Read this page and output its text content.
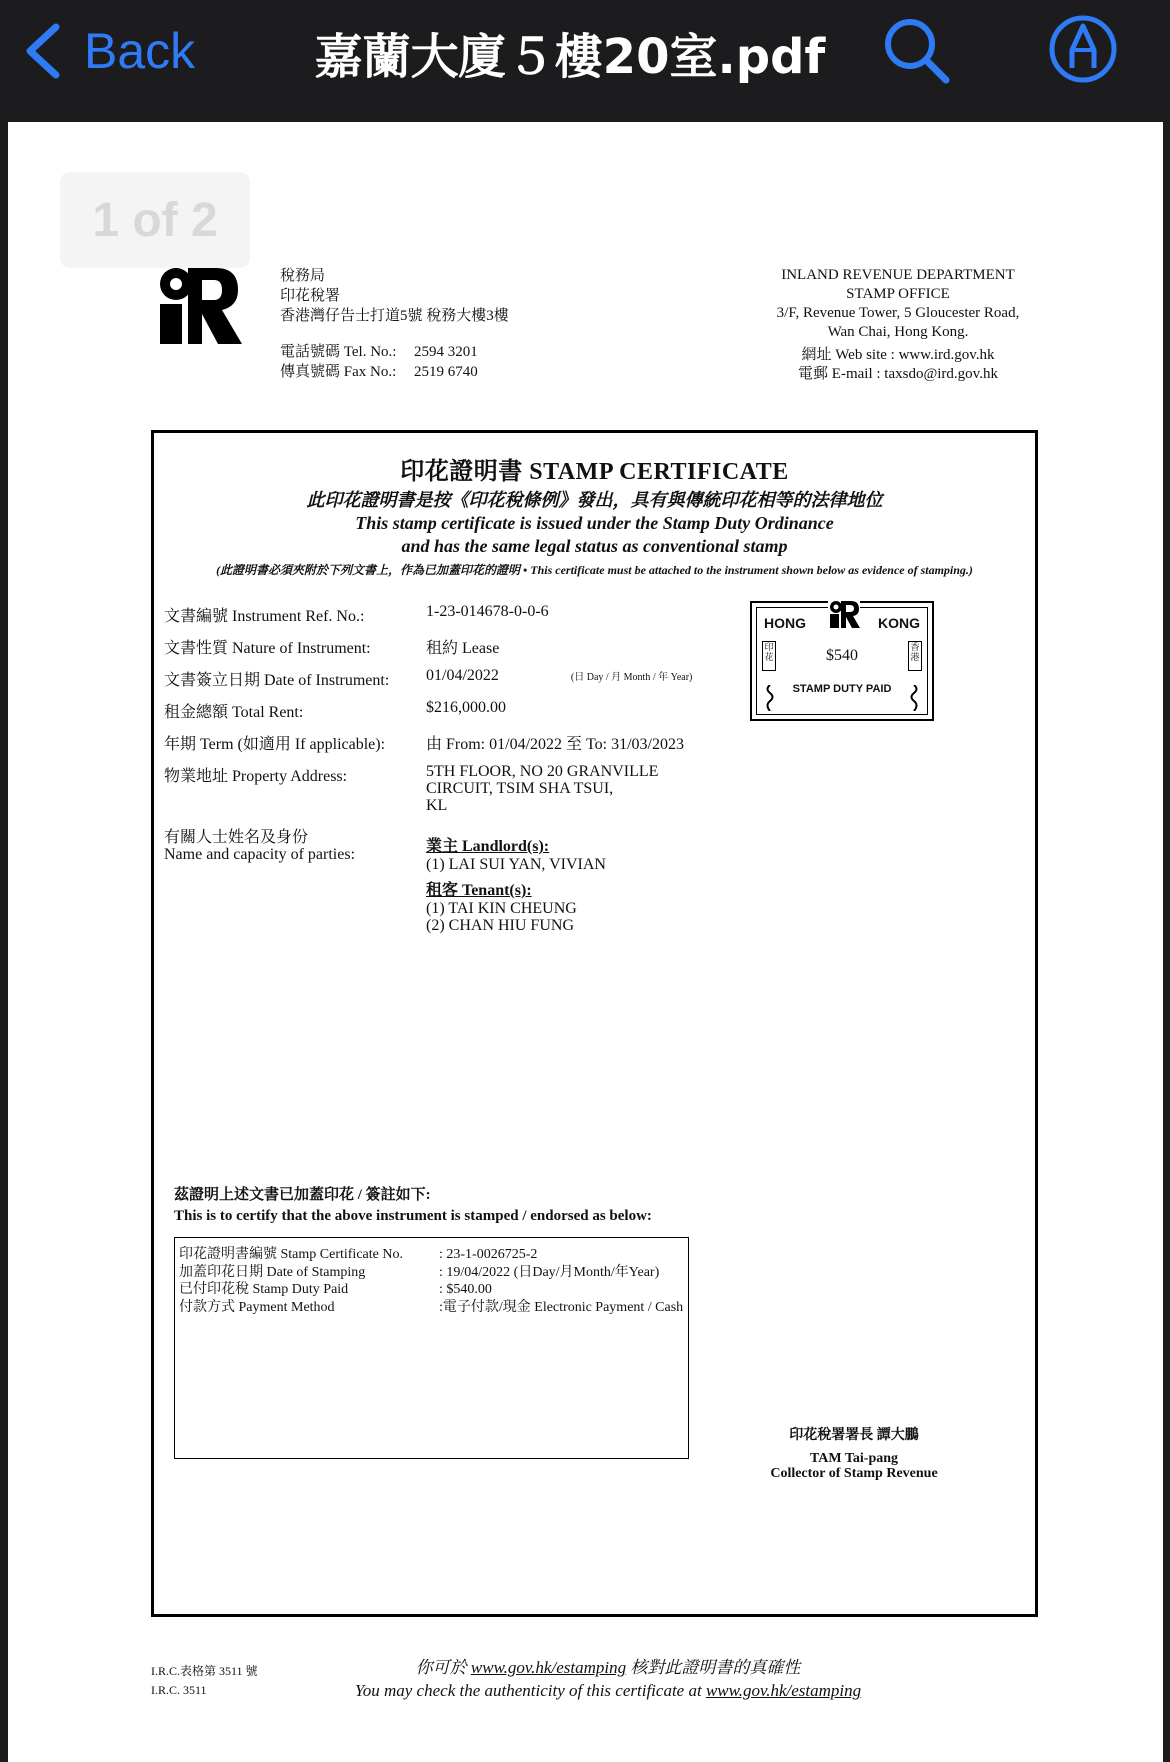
Back	嘉蘭大廈５樓20室.pdf
1 of 2
稅務局
印花稅署
香港灣仔告士打道5號 稅務大樓3樓
電話號碼 Tel. No.:	2594 3201
傳真號碼 Fax No.:	2519 6740
INLAND REVENUE DEPARTMENT
STAMP OFFICE
3/F, Revenue Tower, 5 Gloucester Road,
Wan Chai, Hong Kong.
網址 Web site : www.ird.gov.hk
電郵 E-mail : taxsdo@ird.gov.hk
印花證明書 STAMP CERTIFICATE
此印花證明書是按《印花稅條例》發出，具有與傳統印花相等的法律地位
This stamp certificate is issued under the Stamp Duty Ordinance
and has the same legal status as conventional stamp
(此證明書必須夾附於下列文書上，作為已加蓋印花的證明 • This certificate must be attached to the instrument shown below as evidence of stamping.)
文書編號 Instrument Ref. No.:	1-23-014678-0-0-6
文書性質 Nature of Instrument:	租約 Lease
文書簽立日期 Date of Instrument:	01/04/2022	(日 Day / 月 Month / 年 Year)
租金總額 Total Rent:	$216,000.00
年期 Term (如適用 If applicable):	由 From: 01/04/2022 至 To: 31/03/2023
物業地址 Property Address:	5TH FLOOR, NO 20 GRANVILLE
CIRCUIT, TSIM SHA TSUI,
KL
有關人士姓名及身份
Name and capacity of parties:	業主 Landlord(s):
(1) LAI SUI YAN, VIVIAN
租客 Tenant(s):
(1) TAI KIN CHEUNG
(2) CHAN HIU FUNG
HONG	KONG
印花	$540	香港
STAMP DUTY PAID
茲證明上述文書已加蓋印花 / 簽註如下:
This is to certify that the above instrument is stamped / endorsed as below:
印花證明書編號 Stamp Certificate No.	: 23-1-0026725-2
加蓋印花日期 Date of Stamping	: 19/04/2022 (日Day/月Month/年Year)
已付印花稅 Stamp Duty Paid	: $540.00
付款方式 Payment Method	:電子付款/現金 Electronic Payment / Cash
印花稅署署長 譚大鵬
TAM Tai-pang
Collector of Stamp Revenue
I.R.C.表格第 3511 號
I.R.C. 3511
你可於 www.gov.hk/estamping 核對此證明書的真確性
You may check the authenticity of this certificate at www.gov.hk/estamping
